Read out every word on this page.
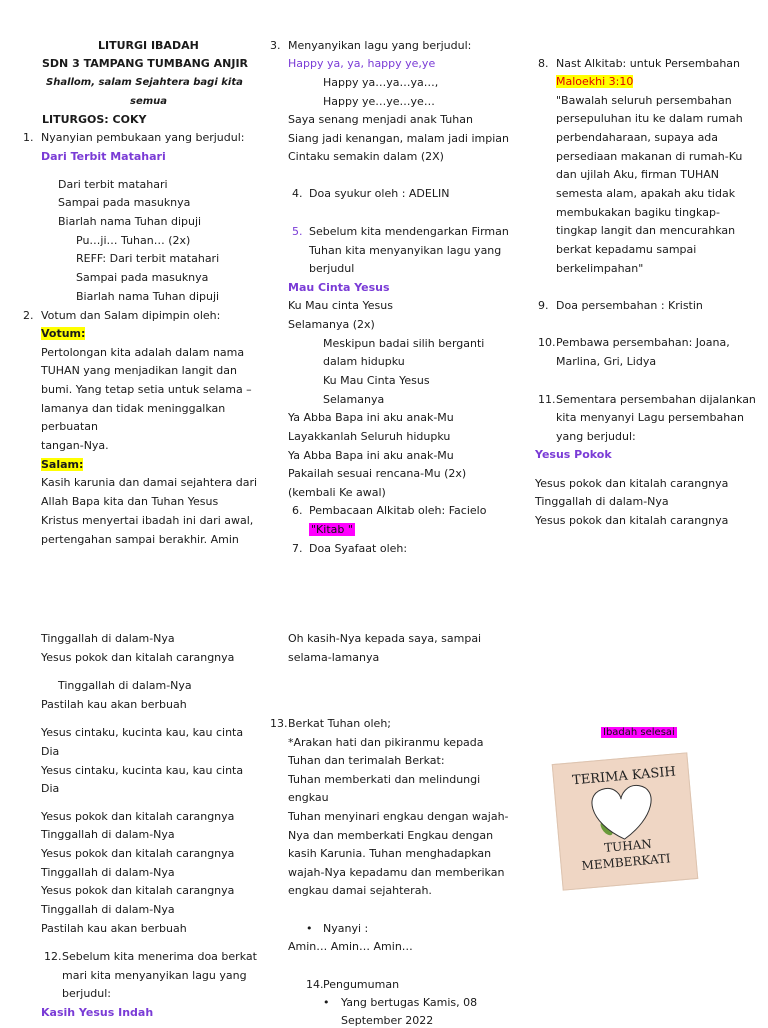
LITURGI IBADAH
SDN 3 TAMPANG TUMBANG ANJIR
Shallom, salam Sejahtera bagi kita
semua
LITURGOS: COKY
1. Nyanyian pembukaan yang berjudul:
Dari Terbit Matahari
Dari terbit matahari
Sampai pada masuknya
Biarlah nama Tuhan dipuji
Pu…ji… Tuhan… (2x)
REFF: Dari terbit matahari
Sampai pada masuknya
Biarlah nama Tuhan dipuji
2. Votum dan Salam dipimpin oleh:
Votum:
Pertolongan kita adalah dalam nama
TUHAN yang menjadikan langit dan
bumi. Yang tetap setia untuk selama –
lamanya dan tidak meninggalkan
perbuatan
tangan-Nya.
Salam:
Kasih karunia dan damai sejahtera dari
Allah Bapa kita dan Tuhan Yesus
Kristus menyertai ibadah ini dari awal,
pertengahan sampai berakhir. Amin
3. Menyanyikan lagu yang berjudul:
Happy ya, ya, happy ye,ye
Happy ya…ya…ya…,
Happy ye…ye…ye…
Saya senang menjadi anak Tuhan
Siang jadi kenangan, malam jadi impian
Cintaku semakin dalam (2X)
4. Doa syukur oleh : ADELIN
5. Sebelum kita mendengarkan Firman
Tuhan kita menyanyikan lagu yang
berjudul
Mau Cinta Yesus
Ku Mau cinta Yesus
Selamanya (2x)
Meskipun badai silih berganti
dalam hidupku
Ku Mau Cinta Yesus
Selamanya
Ya Abba Bapa ini aku anak-Mu
Layakkanlah Seluruh hidupku
Ya Abba Bapa ini aku anak-Mu
Pakailah sesuai rencana-Mu (2x)
(kembali Ke awal)
6. Pembacaan Alkitab oleh: Facielo
"Kitab "
7. Doa Syafaat oleh:
8. Nast Alkitab: untuk Persembahan
Maloekhi 3:10
"Bawalah seluruh persembahan
persepuluhan itu ke dalam rumah
perbendaharaan, supaya ada
persediaan makanan di rumah-Ku
dan ujilah Aku, firman TUHAN
semesta alam, apakah aku tidak
membukakan bagiku tingkap-
tingkap langit dan mencurahkan
berkat kepadamu sampai
berkelimpahan"
9. Doa persembahan : Kristin
10. Pembawa persembahan: Joana,
Marlina, Gri, Lidya
11. Sementara persembahan dijalankan
kita menyanyi Lagu persembahan
yang berjudul:
Yesus Pokok
Yesus pokok dan kitalah carangnya
Tinggallah di dalam-Nya
Yesus pokok dan kitalah carangnya
Tinggallah di dalam-Nya
Yesus pokok dan kitalah carangnya
Tinggallah di dalam-Nya
Pastilah kau akan berbuah
Yesus cintaku, kucinta kau, kau cinta
Dia
Yesus cintaku, kucinta kau, kau cinta
Dia
Yesus pokok dan kitalah carangnya
Tinggallah di dalam-Nya
Yesus pokok dan kitalah carangnya
Tinggallah di dalam-Nya
Yesus pokok dan kitalah carangnya
Tinggallah di dalam-Nya
Pastilah kau akan berbuah
12. Sebelum kita menerima doa berkat
mari kita menyanyikan lagu yang
berjudul:
Kasih Yesus Indah
Oh kasih-Nya kepada saya, sampai
selama-lamanya
13. Berkat Tuhan oleh;
*Arakan hati dan pikiranmu kepada
Tuhan dan terimalah Berkat:
Tuhan memberkati dan melindungi
engkau
Tuhan menyinari engkau dengan wajah-
Nya dan memberkati Engkau dengan
kasih Karunia. Tuhan menghadapkan
wajah-Nya kepadamu dan memberikan
engkau damai sejahterah.
• Nyanyi :
Amin… Amin… Amin…
14. Pengumuman
• Yang bertugas Kamis, 08
September 2022
Ibadah selesai
TERIMA KASIH
TUHAN
MEMBERKATI
